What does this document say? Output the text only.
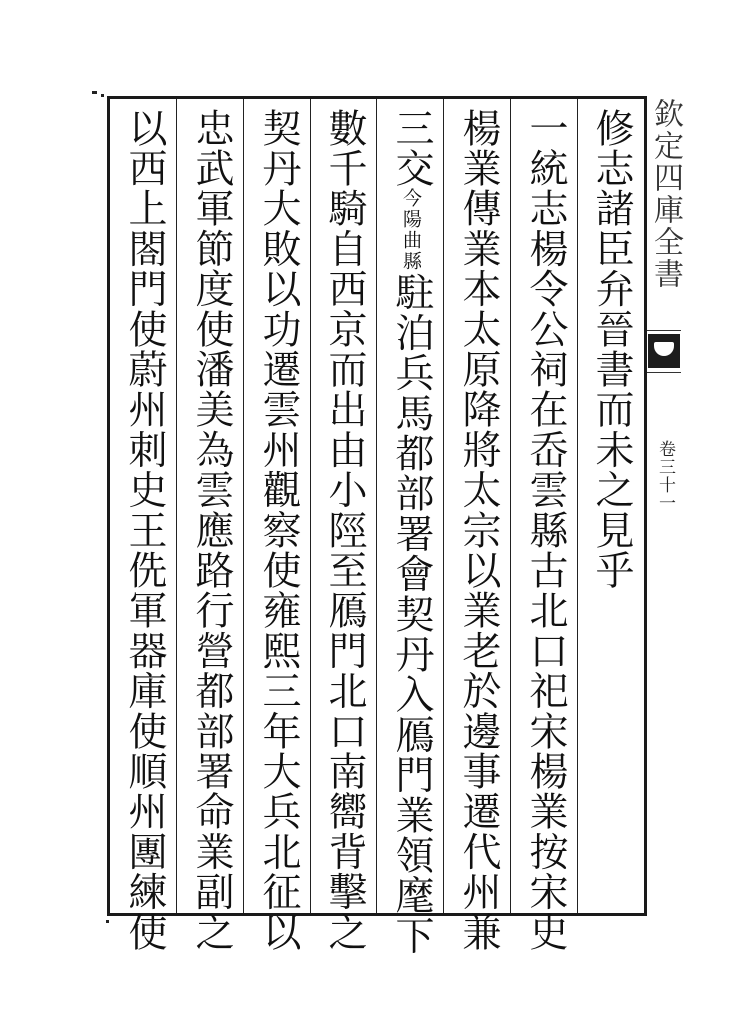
修志諸臣弁晉書而未之見乎
一統志楊令公祠在岙雲縣古北口祀宋楊業按宋史
楊業傳業本太原降將太宗以業老於邊事遷代州兼
三交今陽曲縣駐泊兵馬都部署會契丹入鴈門業領麾下
數千騎自西京而出由小陘至鴈門北口南嚮背擊之
契丹大敗以功遷雲州觀察使雍熙三年大兵北征以
忠武軍節度使潘美為雲應路行營都部署命業副之
以西上閤門使蔚州刺史王侁軍器庫使順州團練使	欽定四庫全書
卷三十一
